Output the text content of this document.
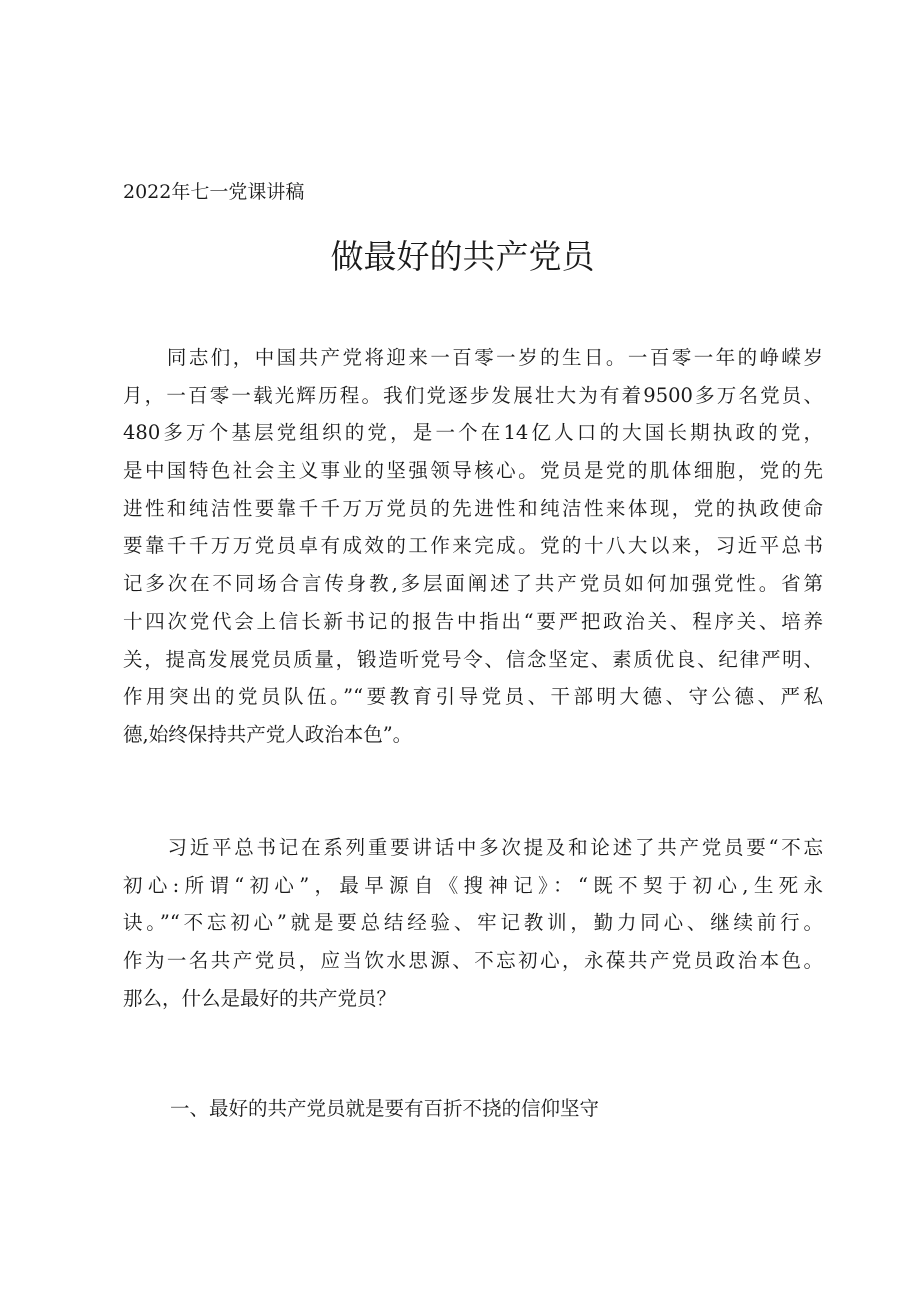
2022年七一党课讲稿
做最好的共产党员
　　同志们，中国共产党将迎来一百零一岁的生日。一百零一年的峥嵘岁
月，一百零一载光辉历程。我们党逐步发展壮大为有着9500多万名党员、
480多万个基层党组织的党，是一个在14亿人口的大国长期执政的党，
是中国特色社会主义事业的坚强领导核心。党员是党的肌体细胞，党的先
进性和纯洁性要靠千千万万党员的先进性和纯洁性来体现，党的执政使命
要靠千千万万党员卓有成效的工作来完成。党的十八大以来，习近平总书
记多次在不同场合言传身教,多层面阐述了共产党员如何加强党性。省第
十四次党代会上信长新书记的报告中指出“要严把政治关、程序关、培养
关，提高发展党员质量，锻造听党号令、信念坚定、素质优良、纪律严明、
作用突出的党员队伍。”“要教育引导党员、干部明大德、守公德、严私
德,始终保持共产党人政治本色”。
　　习近平总书记在系列重要讲话中多次提及和论述了共产党员要“不忘
初心:所谓“初心”，最早源自《搜神记》：“既不契于初心,生死永
诀。”“不忘初心”就是要总结经验、牢记教训，勤力同心、继续前行。
作为一名共产党员，应当饮水思源、不忘初心，永葆共产党员政治本色。
那么，什么是最好的共产党员？
一、最好的共产党员就是要有百折不挠的信仰坚守
